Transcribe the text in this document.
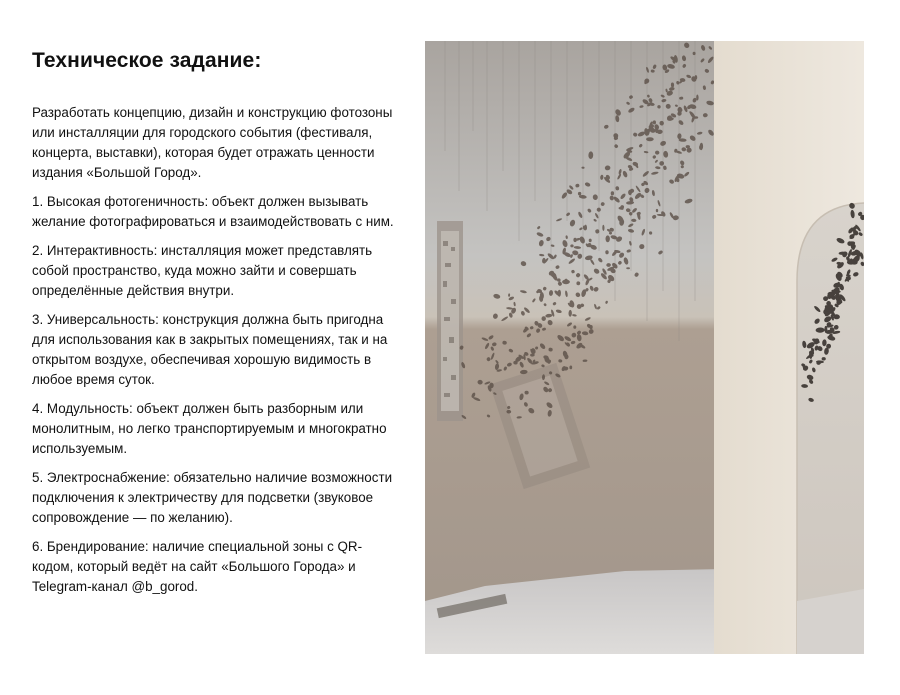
Техническое задание:

Разработать концепцию, дизайн и конструкцию фотозоны или инсталляции для городского события (фестиваля, концерта, выставки), которая будет отражать ценности издания «Большой Город».

1. Высокая фотогеничность: объект должен вызывать желание фотографироваться и взаимодействовать с ним.

2. Интерактивность: инсталляция может представлять собой пространство, куда можно зайти и совершать определённые действия внутри.

3. Универсальность: конструкция должна быть пригодна для использования как в закрытых помещениях, так и на открытом воздухе, обеспечивая хорошую видимость в любое время суток.

4. Модульность: объект должен быть разборным или монолитным, но легко транспортируемым и многократно используемым.

5. Электроснабжение: обязательно наличие возможности подключения к электричеству для подсветки (звуковое сопровождение — по желанию).

6. Брендирование: наличие специальной зоны с QR-кодом, который ведёт на сайт «Большого Города» и Telegram-канал @b_gorod.
